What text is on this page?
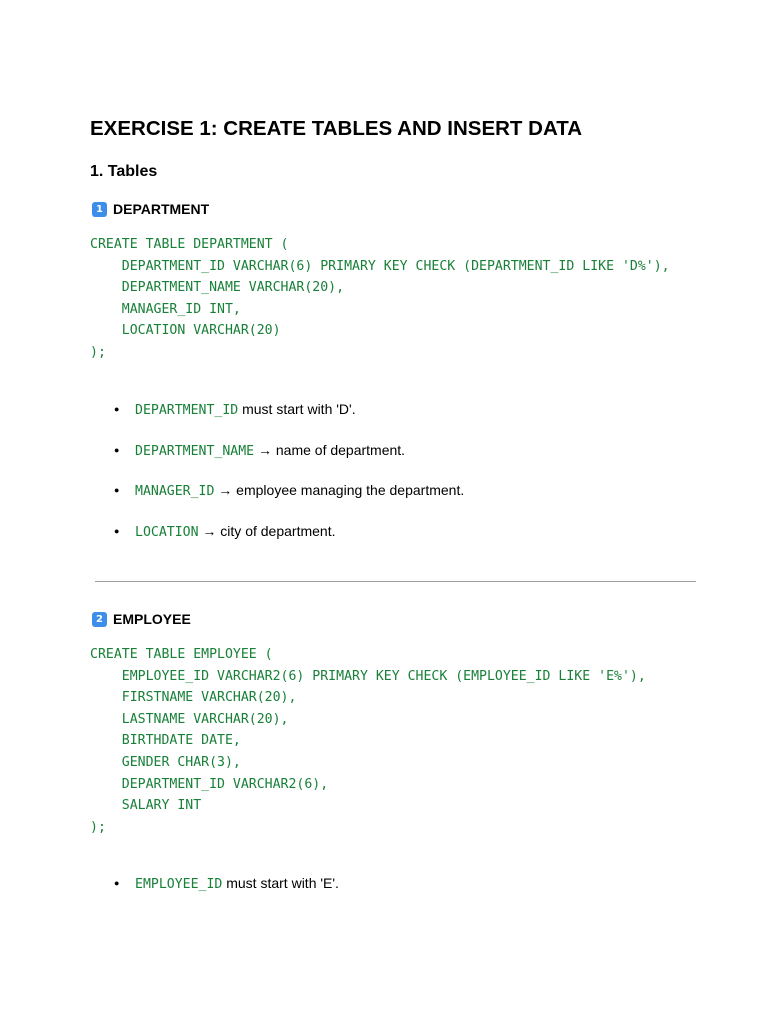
EXERCISE 1: CREATE TABLES AND INSERT DATA
1. Tables
1 DEPARTMENT
CREATE TABLE DEPARTMENT (
DEPARTMENT_ID VARCHAR(6) PRIMARY KEY CHECK (DEPARTMENT_ID LIKE 'D%'),
DEPARTMENT_NAME VARCHAR(20),
MANAGER_ID INT,
LOCATION VARCHAR(20)
);
● DEPARTMENT_ID must start with 'D'.
● DEPARTMENT_NAME → name of department.
● MANAGER_ID → employee managing the department.
● LOCATION → city of department.
2 EMPLOYEE
CREATE TABLE EMPLOYEE (
EMPLOYEE_ID VARCHAR2(6) PRIMARY KEY CHECK (EMPLOYEE_ID LIKE 'E%'),
FIRSTNAME VARCHAR(20),
LASTNAME VARCHAR(20),
BIRTHDATE DATE,
GENDER CHAR(3),
DEPARTMENT_ID VARCHAR2(6),
SALARY INT
);
● EMPLOYEE_ID must start with 'E'.
